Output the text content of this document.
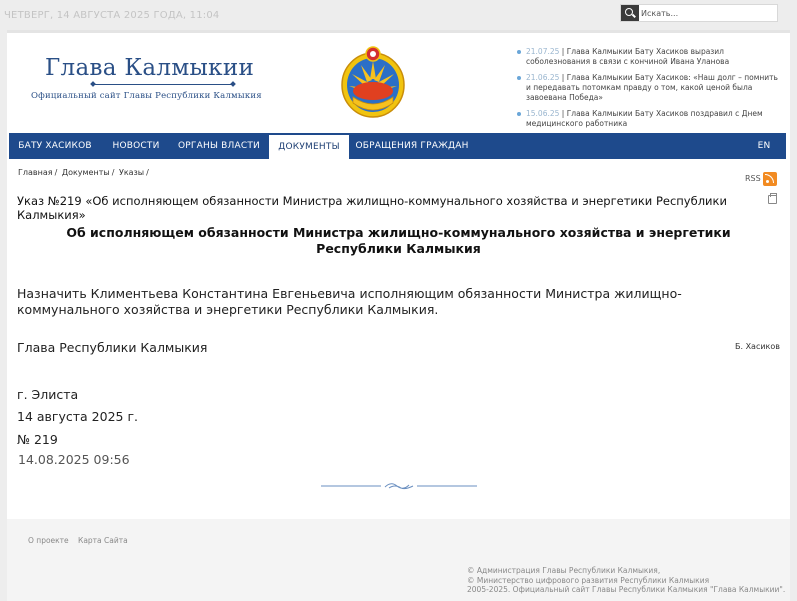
ЧЕТВЕРГ, 14 АВГУСТА 2025 ГОДА, 11:04
Искать...
Глава Калмыкии
Официальный сайт Главы Республики Калмыкия
21.07.25 | Глава Калмыкии Бату Хасиков выразил соболезнования в связи с кончиной Ивана Уланова
21.06.25 | Глава Калмыкии Бату Хасиков: «Наш долг – помнить и передавать потомкам правду о том, какой ценой была завоевана Победа»
15.06.25 | Глава Калмыкии Бату Хасиков поздравил с Днем медицинского работника
БАТУ ХАСИКОВ	НОВОСТИ	ОРГАНЫ ВЛАСТИ	ДОКУМЕНТЫ	ОБРАЩЕНИЯ ГРАЖДАН	EN
Главная / Документы / Указы /
RSS
Указ №219 «Об исполняющем обязанности Министра жилищно-коммунального хозяйства и энергетики Республики Калмыкия»
Об исполняющем обязанности Министра жилищно-коммунального хозяйства и энергетики Республики Калмыкия
Назначить Климентьева Константина Евгеньевича исполняющим обязанности Министра жилищно-коммунального хозяйства и энергетики Республики Калмыкия.
Глава Республики Калмыкия	Б. Хасиков
г. Элиста
14 августа 2025 г.
№ 219
14.08.2025 09:56
О проекте Карта Сайта
© Администрация Главы Республики Калмыкия,
© Министерство цифрового развития Республики Калмыкия
2005-2025. Официальный сайт Главы Республики Калмыкия "Глава Калмыкии".
